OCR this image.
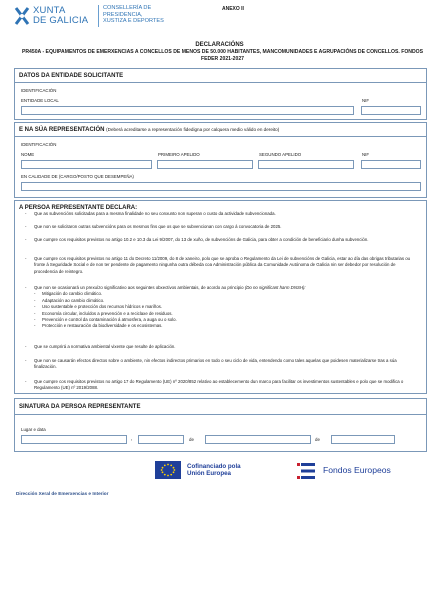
XUNTA
DE GALICIA
CONSELLERÍA DE
PRESIDENCIA,
XUSTIZA E DEPORTES
ANEXO II
DECLARACIÓNS
PR450A - EQUIPAMENTOS DE EMERXENCIAS A CONCELLOS DE MENOS DE 50.000 HABITANTES, MANCOMUNIDADES E AGRUPACIÓNS DE CONCELLOS. FONDOS FEDER 2021-2027
DATOS DA ENTIDADE SOLICITANTE
IDENTIFICACIÓN
ENTIDADE LOCAL	NIF
E NA SÚA REPRESENTACIÓN (Deberá acreditarse a representación fidedigna por calquera medio válido en dereito)
IDENTIFICACIÓN
NOME	PRIMEIRO APELIDO	SEGUNDO APELIDO	NIF
EN CALIDADE DE (CARGO/POSTO QUE DESEMPEÑA)
A PERSOA REPRESENTANTE DECLARA:
- Que as subvencións solicitadas para a mesma finalidade no seu conxunto non superan o custo da actividade subvencionada.
- Que non se solicitaron outras subvencións para os mesmos fins que os que se subvencionan con cargo á convocatoria de 2025.
- Que cumpre cos requisitos previstos no artigo 10.2 e 10.3 da Lei 9/2007, do 13 de xuño, de subvencións de Galicia, para obter a condición de beneficiario dunha subvención.
- Que cumpre cos requisitos previstos no artigo 11 do Decreto 11/2009, do 8 de xaneiro, polo que se aproba o Regulamento da Lei de subvencións de Galicia, estar ao día das obrigas tributarias ou fronte á Seguridade Social e de non ter pendente de pagamento ningunha outra débeda coa Administración pública da Comunidade Autónoma de Galicia nin ser debedor por resolución de procedencia de reintegro.
- Que non se ocasionará un prexuízo significativo aos seguintes obxectivos ambientais, de acordo ao principio (Do no significant harm DNSH):
- Mitigación do cambio climático.
- Adaptación ao cambio climático.
- Uso sustentable e protección dos recursos hídricos e mariños.
- Economía circular, incluídos a prevención e a reciclaxe de residuos.
- Prevención e control da contaminación á atmosfera, a auga ou o solo.
- Protección e restauración da biodiversidade e os ecosistemas.
- Que se cumprirá a normativa ambiental vixente que resulte de aplicación.
- Que non se causarán efectos directos sobre o ambiente, nin efectos indirectos primarios en todo o seu ciclo de vida, entendendo como tales aquelas que poidesen materializarse tras a súa finalización.
- Que cumpre cos requisitos previstos no artigo 17 do Regulamento (UE) nº 2020/852 relativo ao establecemento dun marco para facilitar os investimentos sustentables e polo que se modifica o Regulamento (UE) nº 2019/2088.
SINATURA DA PERSOA REPRESENTANTE
Lugar e data
,	de	de
Cofinanciado pola
Unión Europea	Fondos Europeos
Dirección Xeral de Emerxencias e Interior
